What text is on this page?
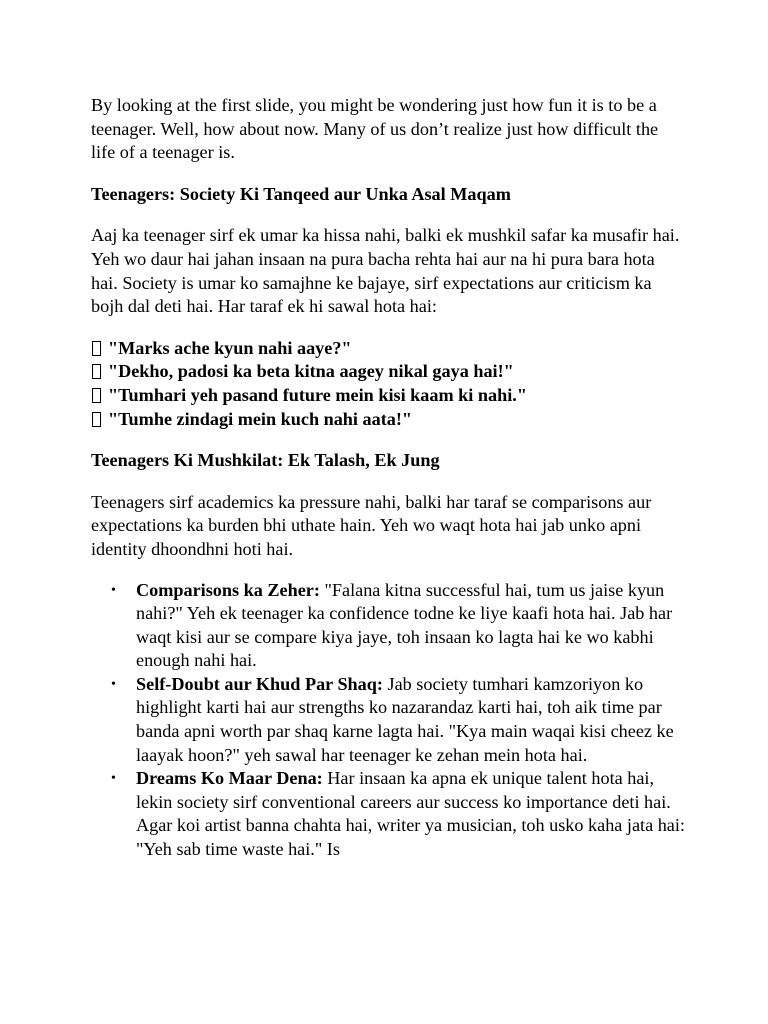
By looking at the first slide, you might be wondering just how fun it is to be a teenager. Well, how about now. Many of us don’t realize just how difficult the life of a teenager is.

Teenagers: Society Ki Tanqeed aur Unka Asal Maqam

Aaj ka teenager sirf ek umar ka hissa nahi, balki ek mushkil safar ka musafir hai. Yeh wo daur hai jahan insaan na pura bacha rehta hai aur na hi pura bara hota hai. Society is umar ko samajhne ke bajaye, sirf expectations aur criticism ka bojh dal deti hai. Har taraf ek hi sawal hota hai:

"Marks ache kyun nahi aaye?"
"Dekho, padosi ka beta kitna aagey nikal gaya hai!"
"Tumhari yeh pasand future mein kisi kaam ki nahi."
"Tumhe zindagi mein kuch nahi aata!"

Teenagers Ki Mushkilat: Ek Talash, Ek Jung

Teenagers sirf academics ka pressure nahi, balki har taraf se comparisons aur expectations ka burden bhi uthate hain. Yeh wo waqt hota hai jab unko apni identity dhoondhni hoti hai.

• Comparisons ka Zeher: "Falana kitna successful hai, tum us jaise kyun nahi?" Yeh ek teenager ka confidence todne ke liye kaafi hota hai. Jab har waqt kisi aur se compare kiya jaye, toh insaan ko lagta hai ke wo kabhi enough nahi hai.
• Self-Doubt aur Khud Par Shaq: Jab society tumhari kamzoriyon ko highlight karti hai aur strengths ko nazarandaz karti hai, toh aik time par banda apni worth par shaq karne lagta hai. "Kya main waqai kisi cheez ke laayak hoon?" yeh sawal har teenager ke zehan mein hota hai.
• Dreams Ko Maar Dena: Har insaan ka apna ek unique talent hota hai, lekin society sirf conventional careers aur success ko importance deti hai. Agar koi artist banna chahta hai, writer ya musician, toh usko kaha jata hai: "Yeh sab time waste hai." Is
